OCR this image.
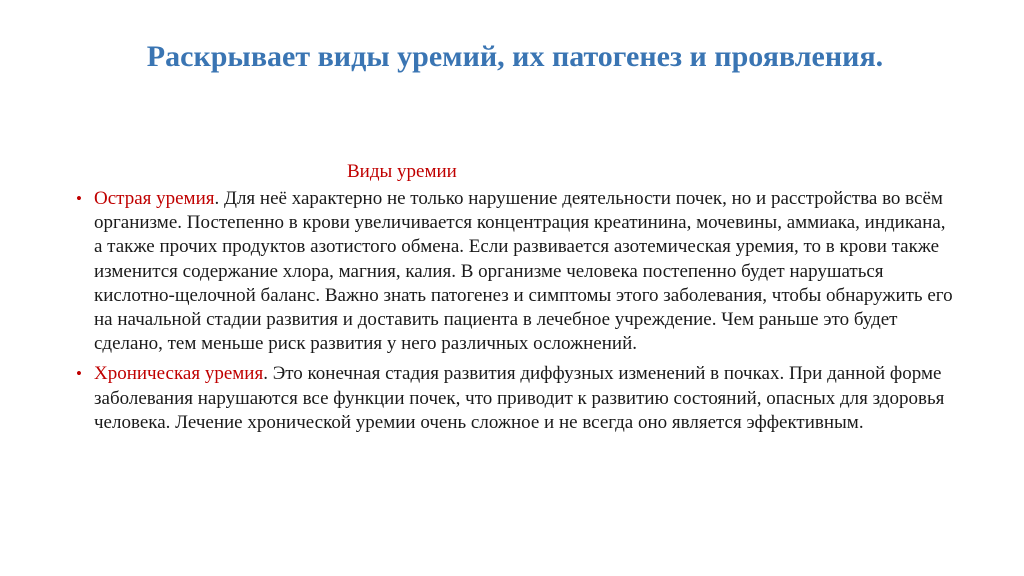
Раскрывает виды уремий, их патогенез и проявления.
Виды уремии
• Острая уремия. Для неё характерно не только нарушение деятельности почек, но и расстройства во всём организме. Постепенно в крови увеличивается концентрация креатинина, мочевины, аммиака, индикана, а также прочих продуктов азотистого обмена. Если развивается азотемическая уремия, то в крови также изменится содержание хлора, магния, калия. В организме человека постепенно будет нарушаться кислотно-щелочной баланс. Важно знать патогенез и симптомы этого заболевания, чтобы обнаружить его на начальной стадии развития и доставить пациента в лечебное учреждение. Чем раньше это будет сделано, тем меньше риск развития у него различных осложнений.
• Хроническая уремия. Это конечная стадия развития диффузных изменений в почках. При данной форме заболевания нарушаются все функции почек, что приводит к развитию состояний, опасных для здоровья человека. Лечение хронической уремии очень сложное и не всегда оно является эффективным.
